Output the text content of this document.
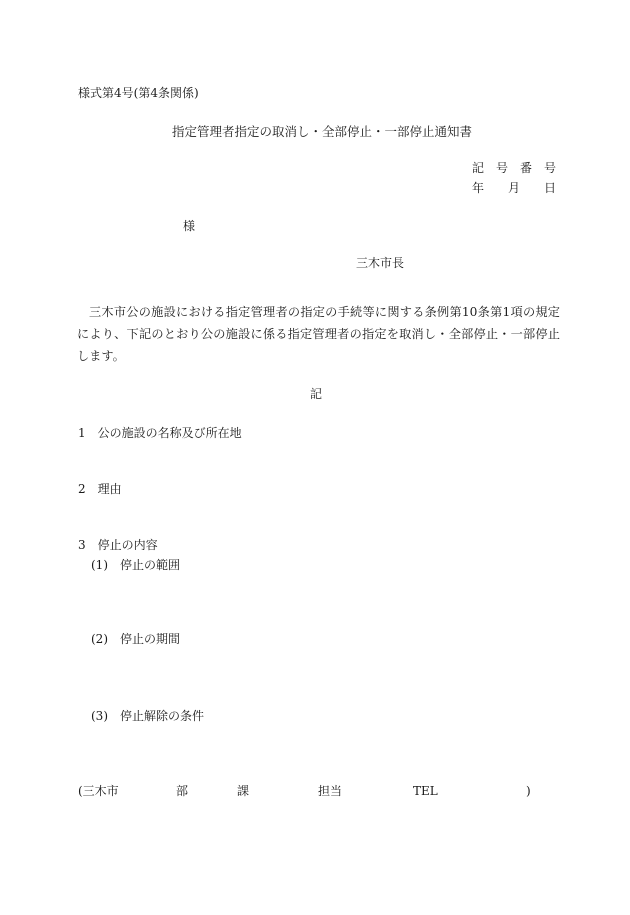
様式第4号(第4条関係)
指定管理者指定の取消し・全部停止・一部停止通知書
記　号　番　号
年　　月　　日
様
三木市長
三木市公の施設における指定管理者の指定の手続等に関する条例第10条第1項の規定により、下記のとおり公の施設に係る指定管理者の指定を取消し・全部停止・一部停止します。
記
1　公の施設の名称及び所在地
2　理由
3　停止の内容
(1)　停止の範囲
(2)　停止の期間
(3)　停止解除の条件
(三木市	部	課	担当	TEL	)
